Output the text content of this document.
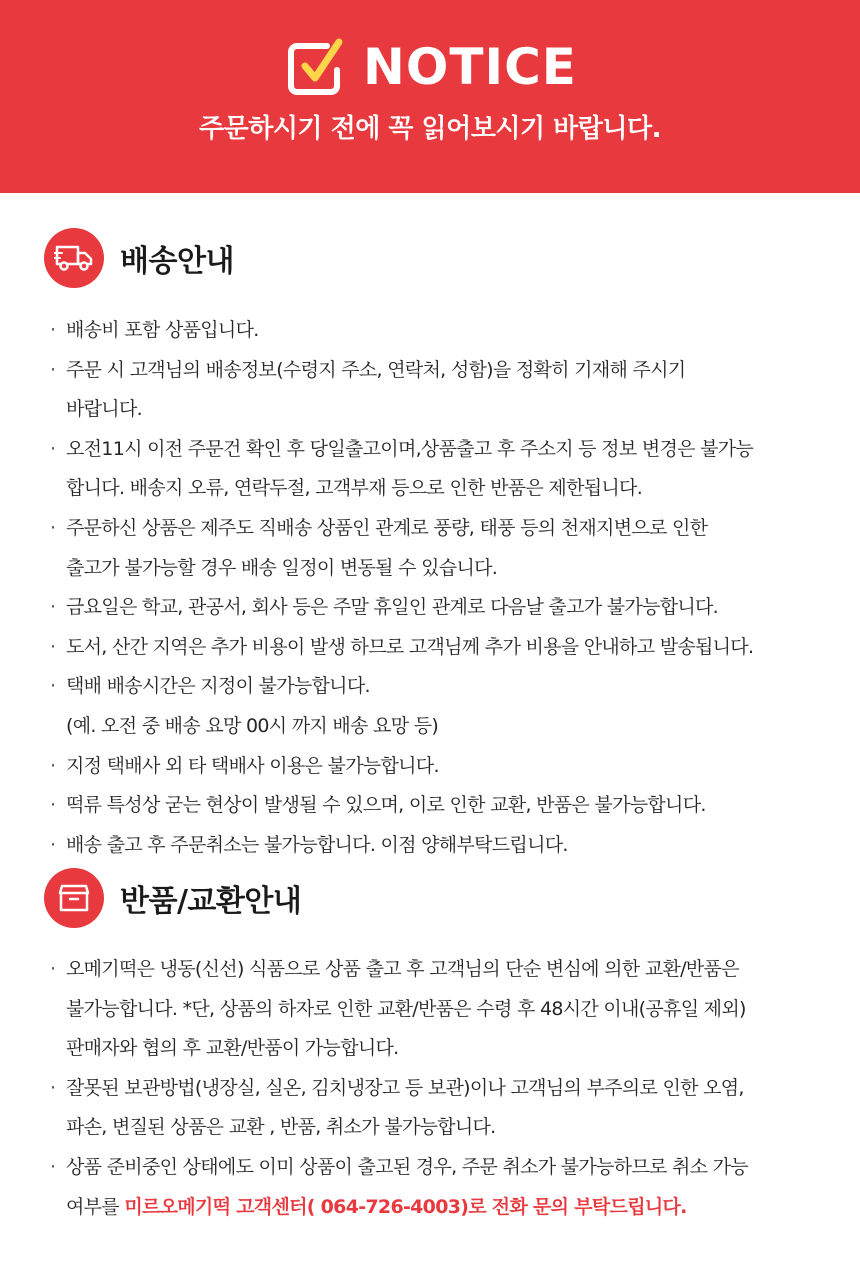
NOTICE
주문하시기 전에 꼭 읽어보시기 바랍니다.
배송안내
· 배송비 포함 상품입니다.
· 주문 시 고객님의 배송정보(수령지 주소, 연락처, 성함)을 정확히 기재해 주시기
바랍니다.
· 오전11시 이전 주문건 확인 후 당일출고이며,상품출고 후 주소지 등 정보 변경은 불가능
합니다. 배송지 오류, 연락두절, 고객부재 등으로 인한 반품은 제한됩니다.
· 주문하신 상품은 제주도 직배송 상품인 관계로 풍량, 태풍 등의 천재지변으로 인한
출고가 불가능할 경우 배송 일정이 변동될 수 있습니다.
· 금요일은 학교, 관공서, 회사 등은 주말 휴일인 관계로 다음날 출고가 불가능합니다.
· 도서, 산간 지역은 추가 비용이 발생 하므로 고객님께 추가 비용을 안내하고 발송됩니다.
· 택배 배송시간은 지정이 불가능합니다.
(예. 오전 중 배송 요망 00시 까지 배송 요망 등)
· 지정 택배사 외 타 택배사 이용은 불가능합니다.
· 떡류 특성상 굳는 현상이 발생될 수 있으며, 이로 인한 교환, 반품은 불가능합니다.
· 배송 출고 후 주문취소는 불가능합니다. 이점 양해부탁드립니다.
반품/교환안내
· 오메기떡은 냉동(신선) 식품으로 상품 출고 후 고객님의 단순 변심에 의한 교환/반품은
불가능합니다. *단, 상품의 하자로 인한 교환/반품은 수령 후 48시간 이내(공휴일 제외)
판매자와 협의 후 교환/반품이 가능합니다.
· 잘못된 보관방법(냉장실, 실온, 김치냉장고 등 보관)이나 고객님의 부주의로 인한 오염,
파손, 변질된 상품은 교환 , 반품, 취소가 불가능합니다.
· 상품 준비중인 상태에도 이미 상품이 출고된 경우, 주문 취소가 불가능하므로 취소 가능
여부를 미르오메기떡 고객센터( 064-726-4003)로 전화 문의 부탁드립니다.
